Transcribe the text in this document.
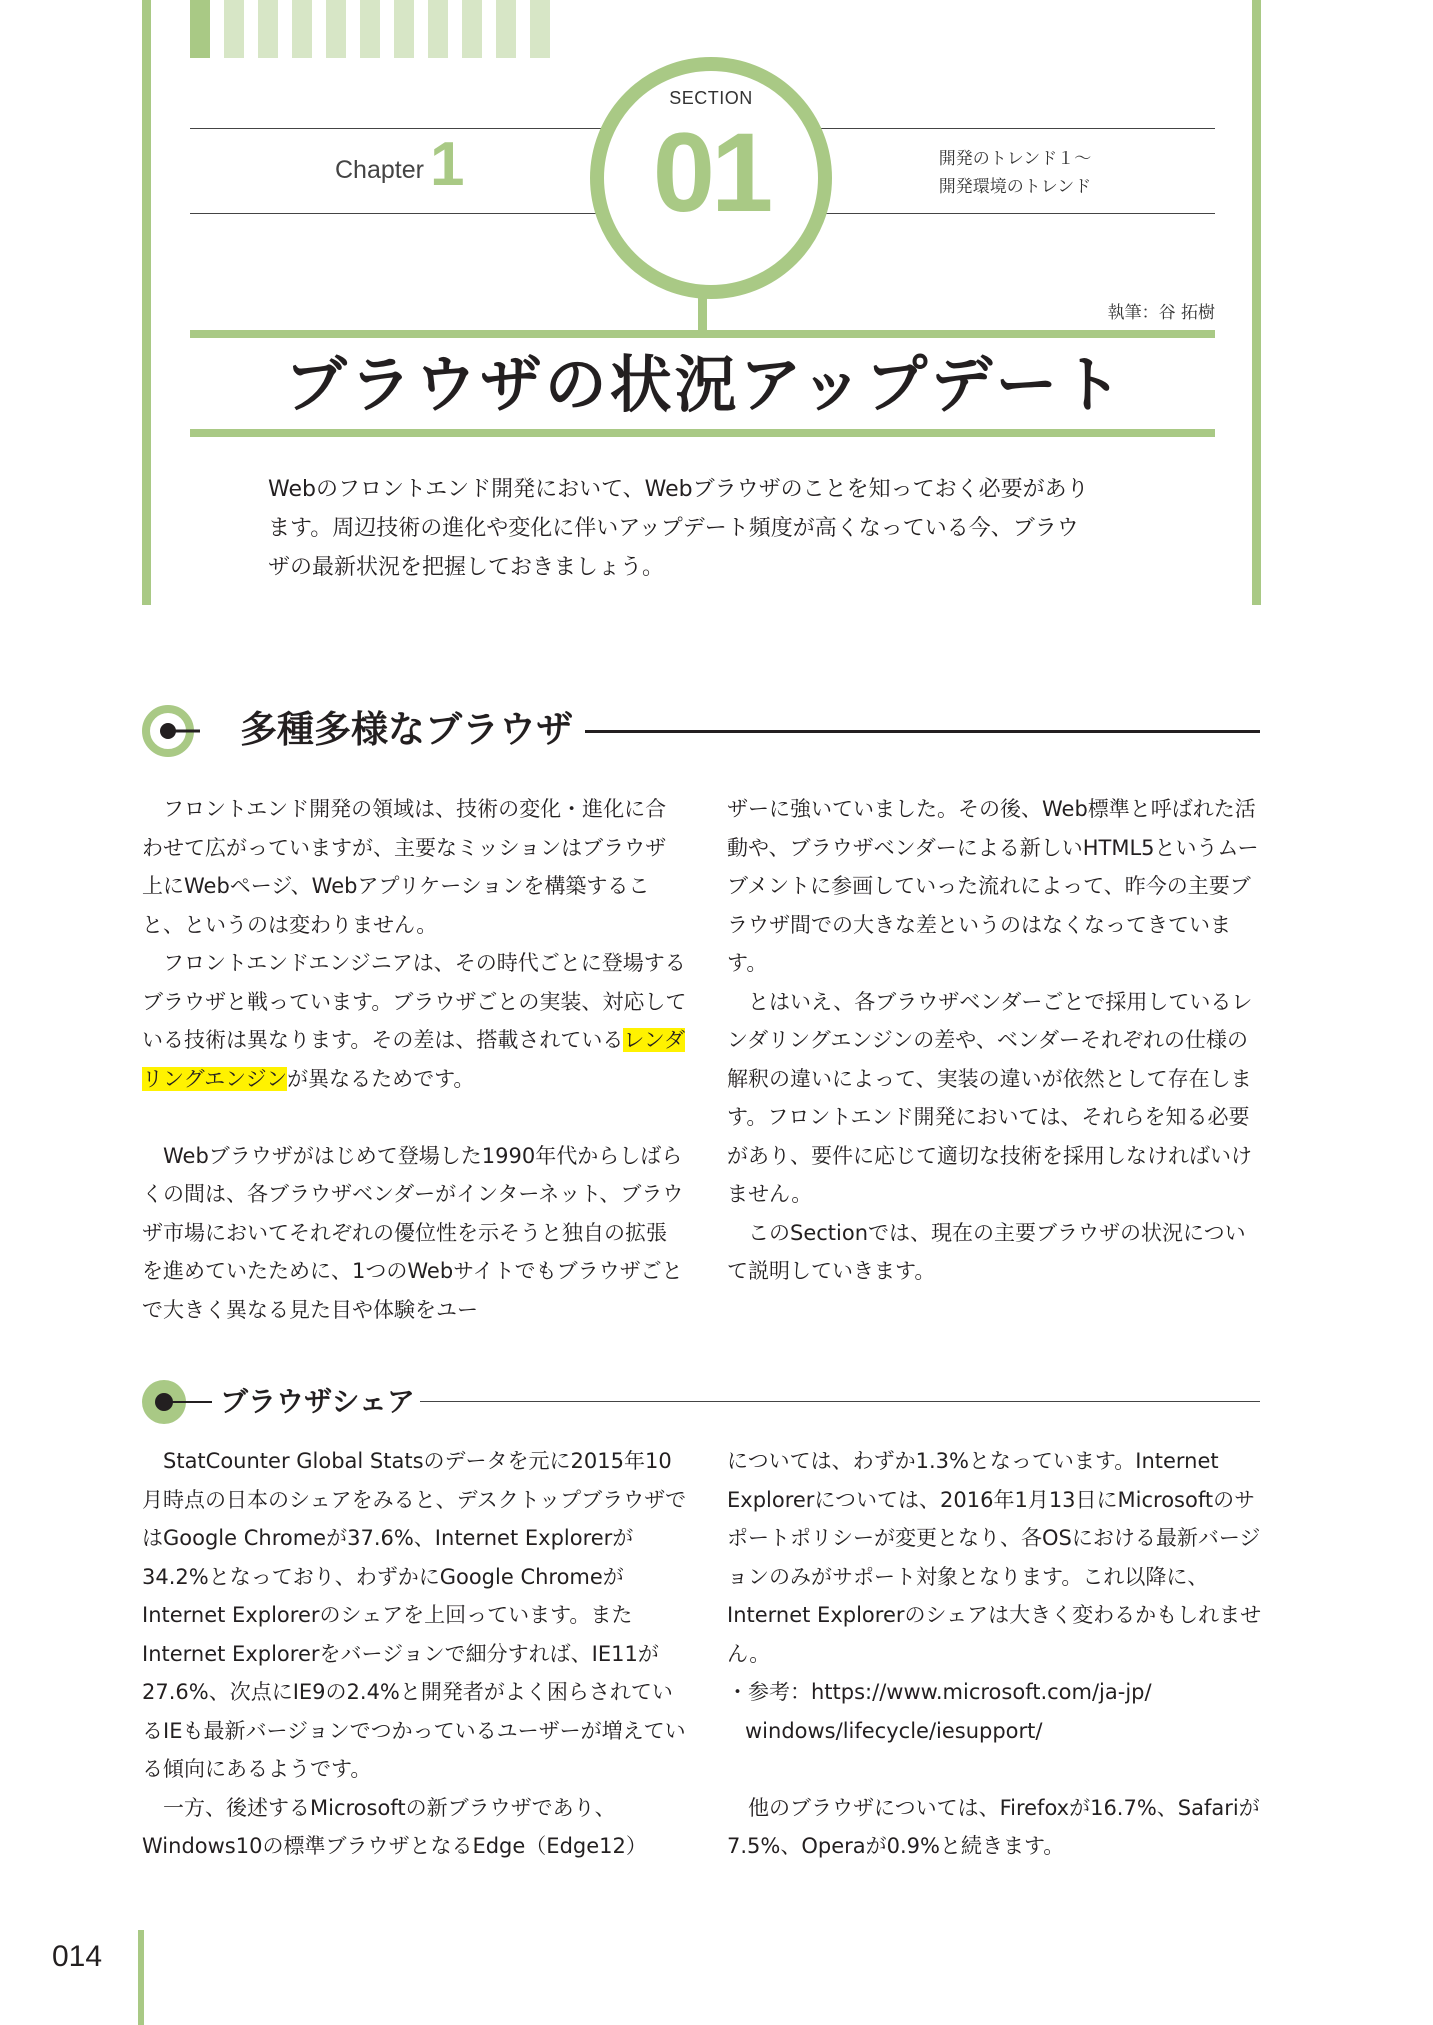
SECTION
01
Chapter 1	開発のトレンド１～
開発環境のトレンド
執筆：谷 拓樹
ブラウザの状況アップデート

Webのフロントエンド開発において、Webブラウザのことを知っておく必要があり

ます。周辺技術の進化や変化に伴いアップデート頻度が高くなっている今、ブラウ

ザの最新状況を把握しておきましょう。

多種多様なブラウザ

　フロントエンド開発の領域は、技術の変化・進化に合わせて広がっていますが、主要なミッションはブラウザ上にWebページ、Webアプリケーションを構築すること、というのは変わりません。

　フロントエンドエンジニアは、その時代ごとに登場するブラウザと戦っています。ブラウザごとの実装、対応している技術は異なります。その差は、搭載されているレンダリングエンジンが異なるためです。

　Webブラウザがはじめて登場した1990年代からしばらくの間は、各ブラウザベンダーがインターネット、ブラウザ市場においてそれぞれの優位性を示そうと独自の拡張を進めていたために、1つのWebサイトでもブラウザごとで大きく異なる見た目や体験をユー

ザーに強いていました。その後、Web標準と呼ばれた活動や、ブラウザベンダーによる新しいHTML5というムーブメントに参画していった流れによって、昨今の主要ブラウザ間での大きな差というのはなくなってきています。

　とはいえ、各ブラウザベンダーごとで採用しているレンダリングエンジンの差や、ベンダーそれぞれの仕様の解釈の違いによって、実装の違いが依然として存在します。フロントエンド開発においては、それらを知る必要があり、要件に応じて適切な技術を採用しなければいけません。

　このSectionでは、現在の主要ブラウザの状況について説明していきます。

ブラウザシェア

　StatCounter Global Statsのデータを元に2015年10月時点の日本のシェアをみると、デスクトップブラウザではGoogle Chromeが37.6%、Internet Explorerが34.2%となっており、わずかにGoogle ChromeがInternet Explorerのシェアを上回っています。またInternet Explorerをバージョンで細分すれば、IE11が27.6%、次点にIE9の2.4%と開発者がよく困らされているIEも最新バージョンでつかっているユーザーが増えている傾向にあるようです。

　一方、後述するMicrosoftの新ブラウザであり、Windows10の標準ブラウザとなるEdge（Edge12）

については、わずか1.3%となっています。Internet Explorerについては、2016年1月13日にMicrosoftのサポートポリシーが変更となり、各OSにおける最新バージョンのみがサポート対象となります。これ以降に、Internet Explorerのシェアは大きく変わるかもしれません。

・参考：https://www.microsoft.com/ja-jp/

windows/lifecycle/iesupport/

　他のブラウザについては、Firefoxが16.7%、Safariが7.5%、Operaが0.9%と続きます。

014
